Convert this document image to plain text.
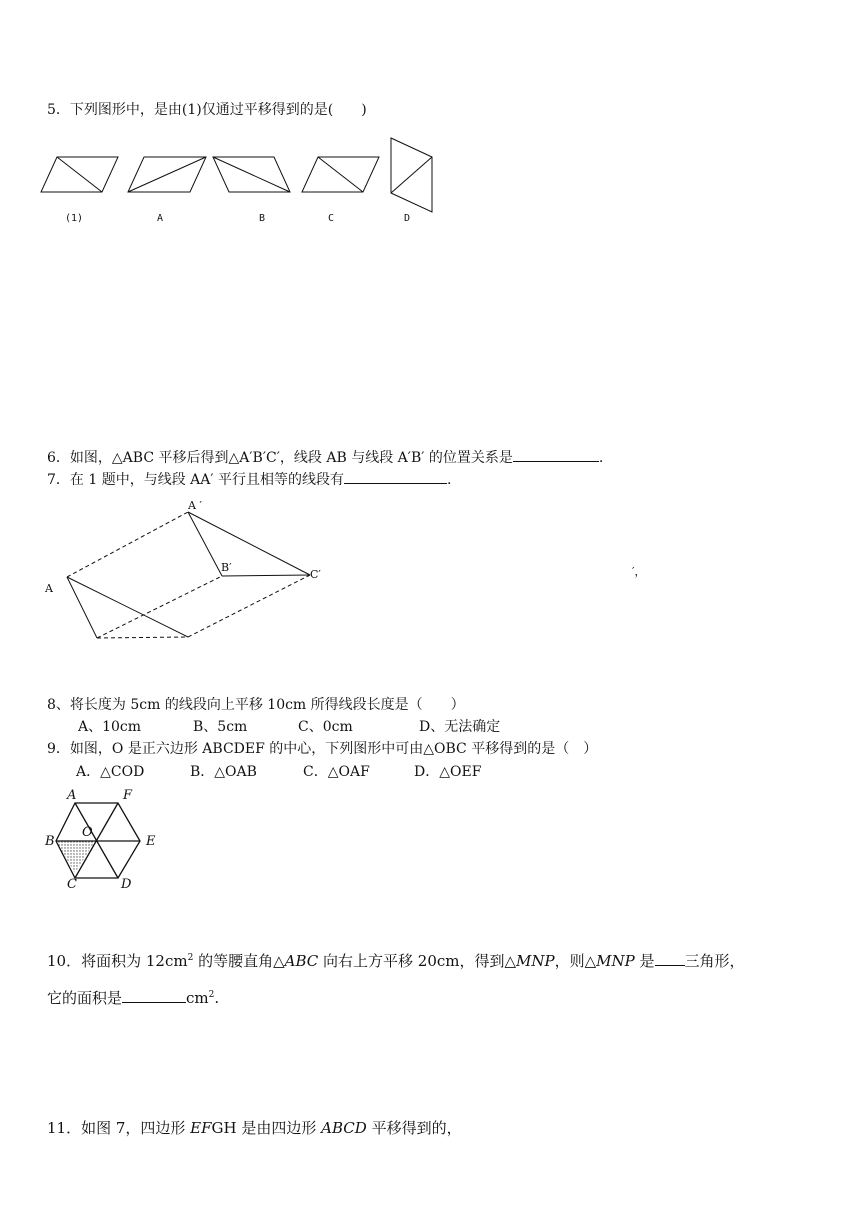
5．下列图形中，是由(1)仅通过平移得到的是(　　)
(1)	A	B	C	D
6．如图，△ABC 平移后得到△A′B′C′，线段 AB 与线段 A′B′ 的位置关系是	.
7．在 1 题中，与线段 AA′ 平行且相等的线段有	.
A ′
B′
C′
A
′，
8、将长度为 5cm 的线段向上平移 10cm 所得线段长度是（　　）
A、10cm	B、5cm	C、0cm	D、无法确定
9．如图，O 是正六边形 ABCDEF 的中心，下列图形中可由△OBC 平移得到的是（　）
A．△COD	B．△OAB	C．△OAF	D．△OEF
A	F
B
O
E
C	D
10．将面积为 $12cm^2$ 的等腰直角△ABC 向右上方平移 20cm，得到△MNP，则△MNP 是 三角形，
它的面积是	$cm^2$.
11．如图 7，四边形 EFGH 是由四边形 ABCD 平移得到的，
